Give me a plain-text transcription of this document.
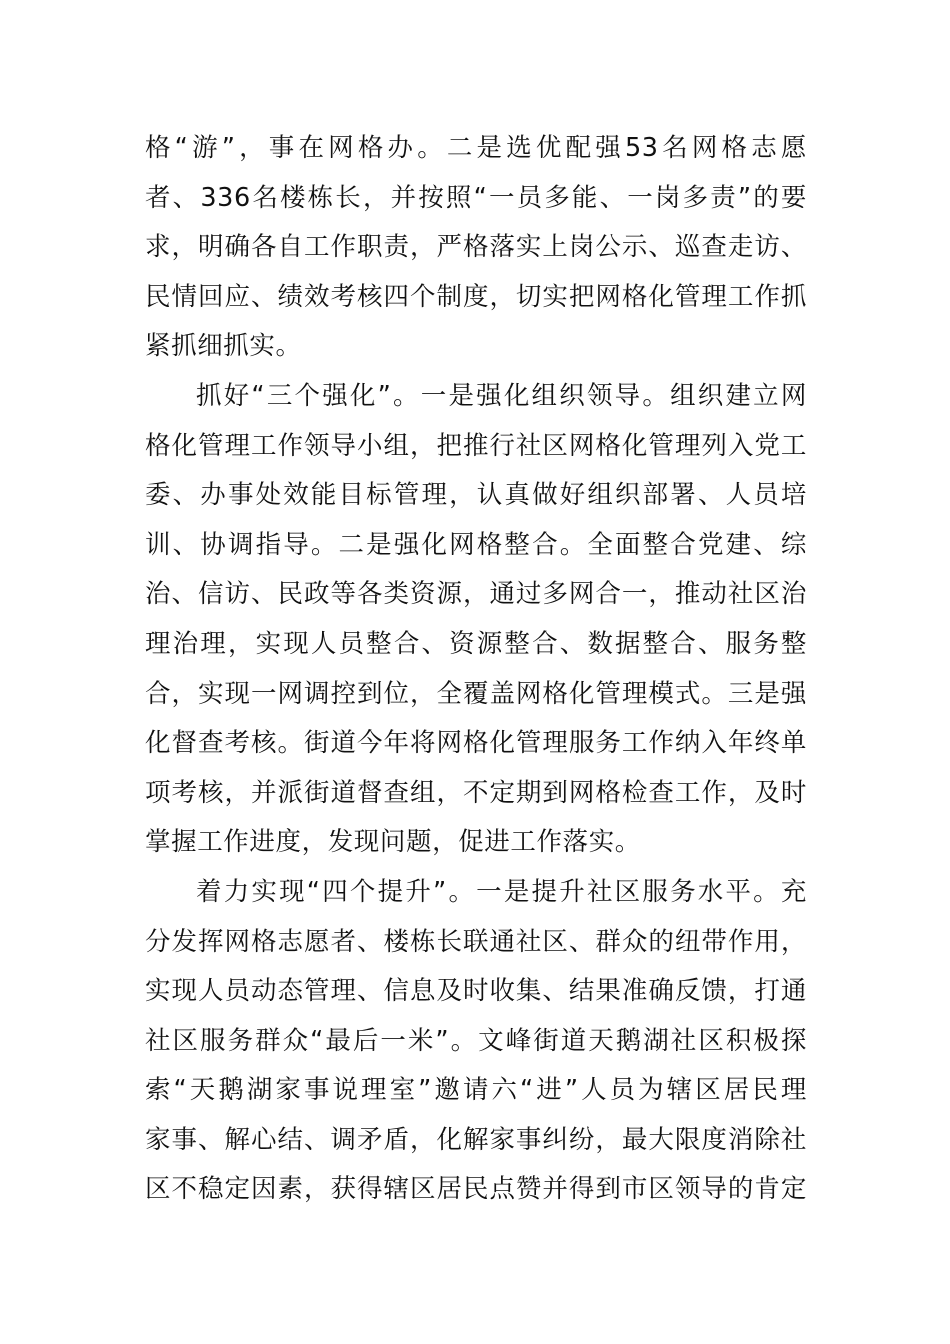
格“游”，事在网格办。二是选优配强53名网格志愿
者、336名楼栋长，并按照“一员多能、一岗多责”的要
求，明确各自工作职责，严格落实上岗公示、巡查走访、
民情回应、绩效考核四个制度，切实把网格化管理工作抓
紧抓细抓实。
抓好“三个强化”。一是强化组织领导。组织建立网
格化管理工作领导小组，把推行社区网格化管理列入党工
委、办事处效能目标管理，认真做好组织部署、人员培
训、协调指导。二是强化网格整合。全面整合党建、综
治、信访、民政等各类资源，通过多网合一，推动社区治
理治理，实现人员整合、资源整合、数据整合、服务整
合，实现一网调控到位，全覆盖网格化管理模式。三是强
化督查考核。街道今年将网格化管理服务工作纳入年终单
项考核，并派街道督查组，不定期到网格检查工作，及时
掌握工作进度，发现问题，促进工作落实。
着力实现“四个提升”。一是提升社区服务水平。充
分发挥网格志愿者、楼栋长联通社区、群众的纽带作用，
实现人员动态管理、信息及时收集、结果准确反馈，打通
社区服务群众“最后一米”。文峰街道天鹅湖社区积极探
索“天鹅湖家事说理室”邀请六“进”人员为辖区居民理
家事、解心结、调矛盾，化解家事纠纷，最大限度消除社
区不稳定因素，获得辖区居民点赞并得到市区领导的肯定
